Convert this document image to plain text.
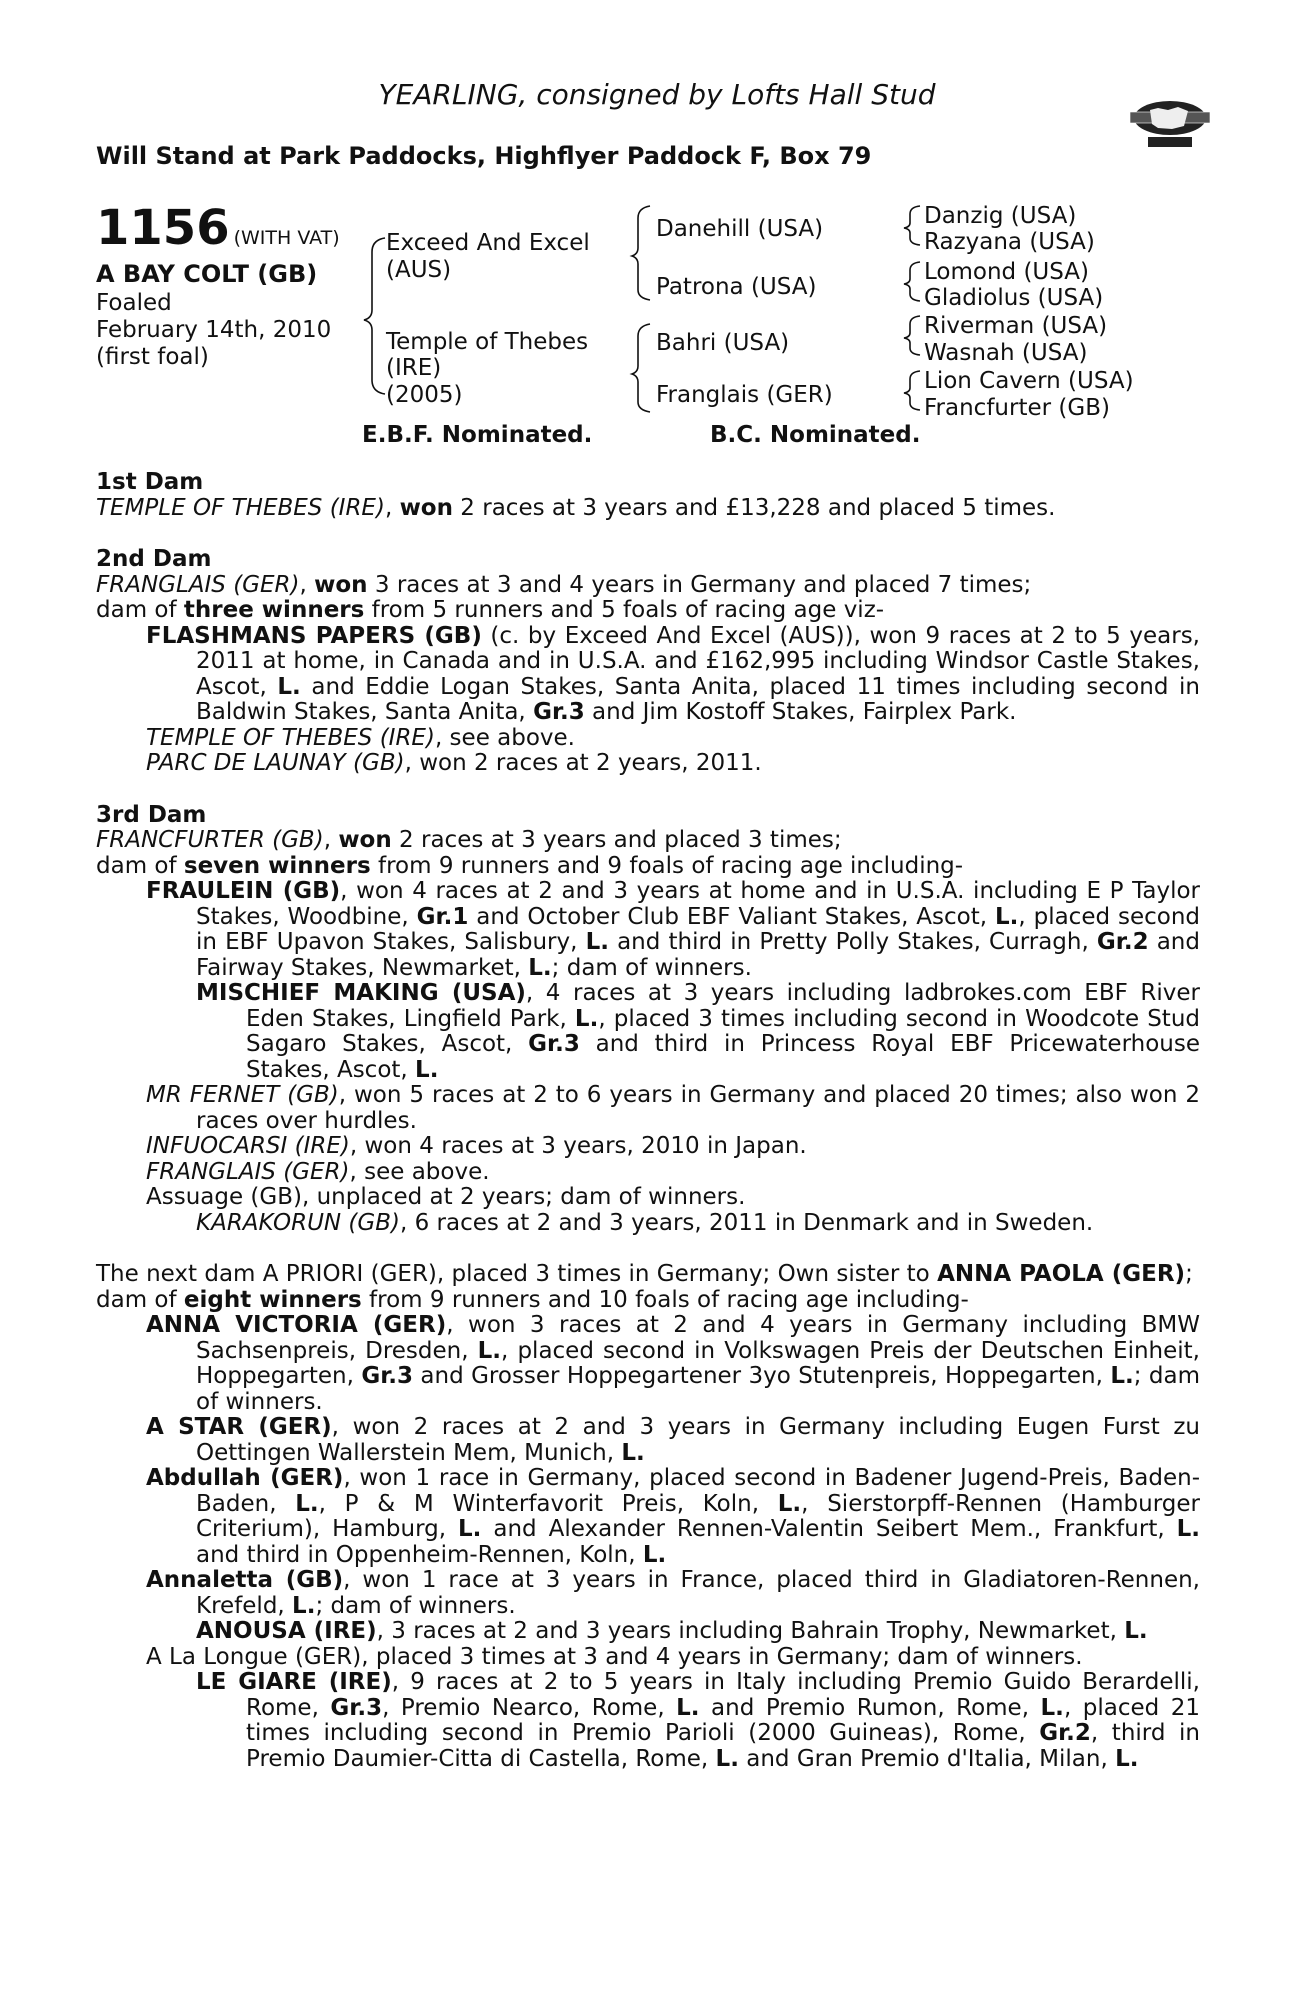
YEARLING, consigned by Lofts Hall Stud
Will Stand at Park Paddocks, Highflyer Paddock F, Box 79
1156 (WITH VAT)
A BAY COLT (GB)
Foaled
February 14th, 2010
(first foal)
Exceed And Excel
(AUS)
Temple of Thebes
(IRE)
(2005)
Danehill (USA)
Patrona (USA)
Bahri (USA)
Franglais (GER)
Danzig (USA)
Razyana (USA)
Lomond (USA)
Gladiolus (USA)
Riverman (USA)
Wasnah (USA)
Lion Cavern (USA)
Francfurter (GB)
E.B.F. Nominated.	B.C. Nominated.

1st Dam

TEMPLE OF THEBES (IRE), won 2 races at 3 years and £13,228 and placed 5 times.

2nd Dam

FRANGLAIS (GER), won 3 races at 3 and 4 years in Germany and placed 7 times;

dam of three winners from 5 runners and 5 foals of racing age viz-

FLASHMANS PAPERS (GB) (c. by Exceed And Excel (AUS)), won 9 races at 2 to 5 years, 2011 at home, in Canada and in U.S.A. and £162,995 including Windsor Castle Stakes, Ascot, L. and Eddie Logan Stakes, Santa Anita, placed 11 times including second in Baldwin Stakes, Santa Anita, Gr.3 and Jim Kostoff Stakes, Fairplex Park.

TEMPLE OF THEBES (IRE), see above.

PARC DE LAUNAY (GB), won 2 races at 2 years, 2011.

3rd Dam

FRANCFURTER (GB), won 2 races at 3 years and placed 3 times;

dam of seven winners from 9 runners and 9 foals of racing age including-

FRAULEIN (GB), won 4 races at 2 and 3 years at home and in U.S.A. including E P Taylor Stakes, Woodbine, Gr.1 and October Club EBF Valiant Stakes, Ascot, L., placed second in EBF Upavon Stakes, Salisbury, L. and third in Pretty Polly Stakes, Curragh, Gr.2 and Fairway Stakes, Newmarket, L.; dam of winners.

MISCHIEF MAKING (USA), 4 races at 3 years including ladbrokes.com EBF River Eden Stakes, Lingfield Park, L., placed 3 times including second in Woodcote Stud Sagaro Stakes, Ascot, Gr.3 and third in Princess Royal EBF Pricewaterhouse Stakes, Ascot, L.

MR FERNET (GB), won 5 races at 2 to 6 years in Germany and placed 20 times; also won 2 races over hurdles.

INFUOCARSI (IRE), won 4 races at 3 years, 2010 in Japan.

FRANGLAIS (GER), see above.

Assuage (GB), unplaced at 2 years; dam of winners.

KARAKORUN (GB), 6 races at 2 and 3 years, 2011 in Denmark and in Sweden.

The next dam A PRIORI (GER), placed 3 times in Germany; Own sister to ANNA PAOLA (GER);

dam of eight winners from 9 runners and 10 foals of racing age including-

ANNA VICTORIA (GER), won 3 races at 2 and 4 years in Germany including BMW Sachsenpreis, Dresden, L., placed second in Volkswagen Preis der Deutschen Einheit, Hoppegarten, Gr.3 and Grosser Hoppegartener 3yo Stutenpreis, Hoppegarten, L.; dam of winners.

A STAR (GER), won 2 races at 2 and 3 years in Germany including Eugen Furst zu Oettingen Wallerstein Mem, Munich, L.

Abdullah (GER), won 1 race in Germany, placed second in Badener Jugend-Preis, Baden-Baden, L., P & M Winterfavorit Preis, Koln, L., Sierstorpff-Rennen (Hamburger Criterium), Hamburg, L. and Alexander Rennen-Valentin Seibert Mem., Frankfurt, L. and third in Oppenheim-Rennen, Koln, L.

Annaletta (GB), won 1 race at 3 years in France, placed third in Gladiatoren-Rennen, Krefeld, L.; dam of winners.

ANOUSA (IRE), 3 races at 2 and 3 years including Bahrain Trophy, Newmarket, L.

A La Longue (GER), placed 3 times at 3 and 4 years in Germany; dam of winners.

LE GIARE (IRE), 9 races at 2 to 5 years in Italy including Premio Guido Berardelli, Rome, Gr.3, Premio Nearco, Rome, L. and Premio Rumon, Rome, L., placed 21 times including second in Premio Parioli (2000 Guineas), Rome, Gr.2, third in Premio Daumier-Citta di Castella, Rome, L. and Gran Premio d'Italia, Milan, L.
